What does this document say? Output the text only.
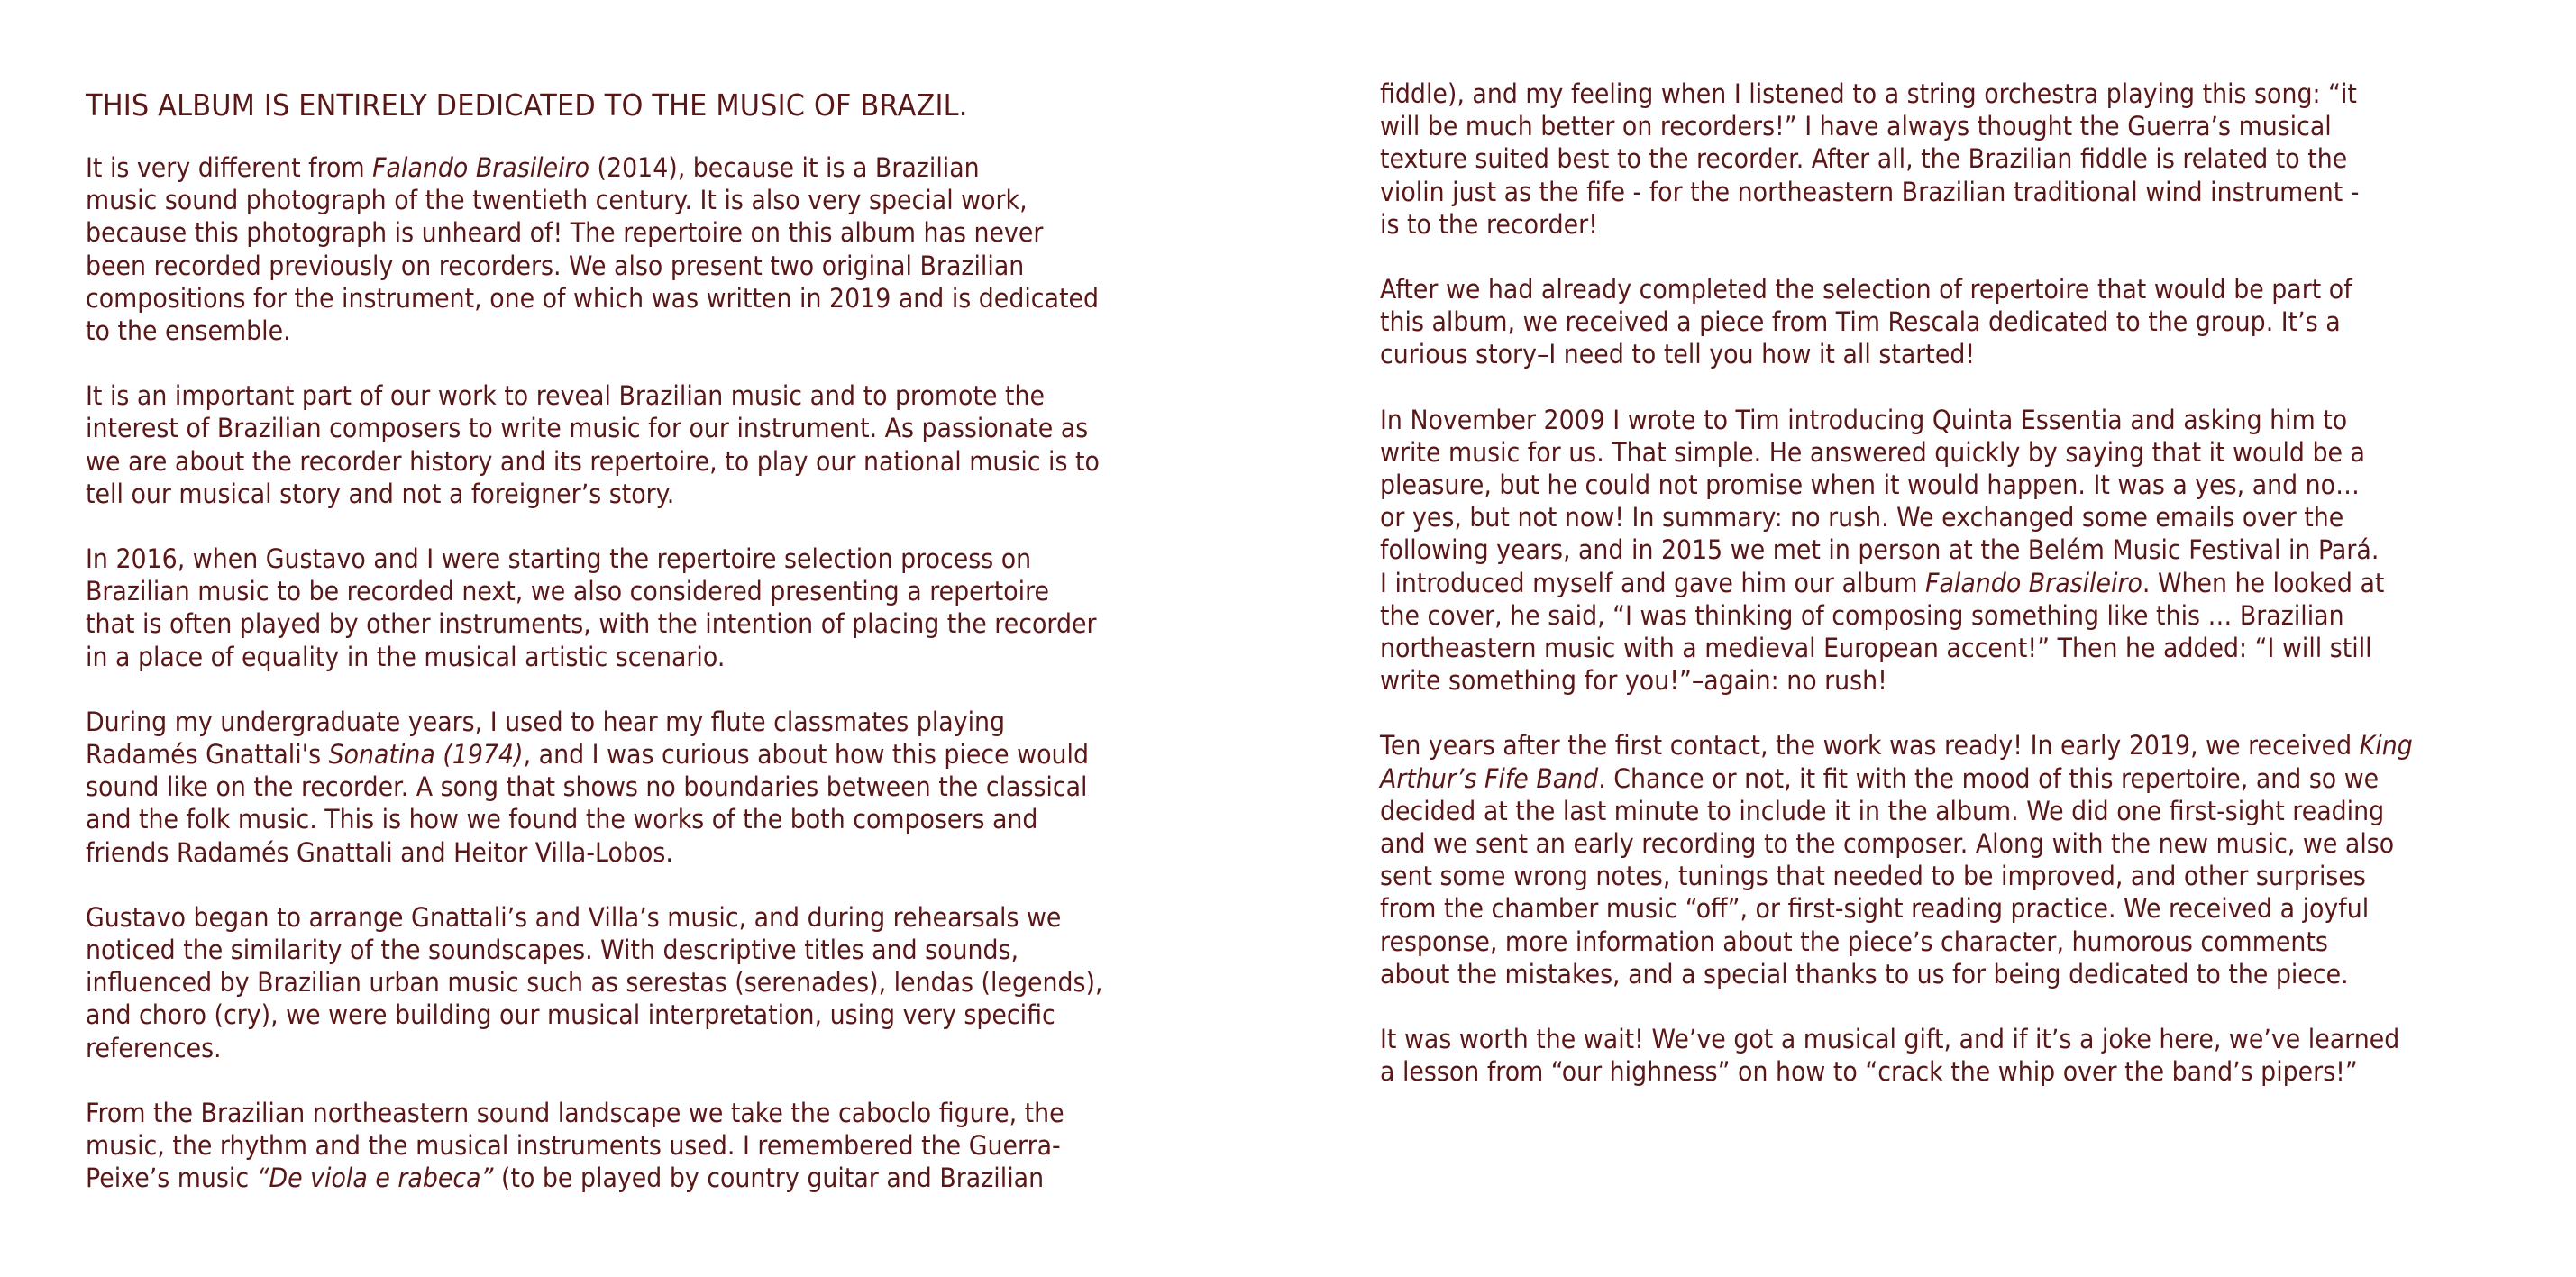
THIS ALBUM IS ENTIRELY DEDICATED TO THE MUSIC OF BRAZIL.
It is very different from Falando Brasileiro (2014), because it is a Brazilian
music sound photograph of the twentieth century. It is also very special work,
because this photograph is unheard of! The repertoire on this album has never
been recorded previously on recorders. We also present two original Brazilian
compositions for the instrument, one of which was written in 2019 and is dedicated
to the ensemble.
It is an important part of our work to reveal Brazilian music and to promote the
interest of Brazilian composers to write music for our instrument. As passionate as
we are about the recorder history and its repertoire, to play our national music is to
tell our musical story and not a foreigner’s story.
In 2016, when Gustavo and I were starting the repertoire selection process on
Brazilian music to be recorded next, we also considered presenting a repertoire
that is often played by other instruments, with the intention of placing the recorder
in a place of equality in the musical artistic scenario.
During my undergraduate years, I used to hear my flute classmates playing
Radamés Gnattali's Sonatina (1974), and I was curious about how this piece would
sound like on the recorder. A song that shows no boundaries between the classical
and the folk music. This is how we found the works of the both composers and
friends Radamés Gnattali and Heitor Villa-Lobos.
Gustavo began to arrange Gnattali’s and Villa’s music, and during rehearsals we
noticed the similarity of the soundscapes. With descriptive titles and sounds,
influenced by Brazilian urban music such as serestas (serenades), lendas (legends),
and choro (cry), we were building our musical interpretation, using very specific
references.
From the Brazilian northeastern sound landscape we take the caboclo figure, the
music, the rhythm and the musical instruments used. I remembered the Guerra-
Peixe’s music “De viola e rabeca” (to be played by country guitar and Brazilian
fiddle), and my feeling when I listened to a string orchestra playing this song: “it
will be much better on recorders!” I have always thought the Guerra’s musical
texture suited best to the recorder. After all, the Brazilian fiddle is related to the
violin just as the fife - for the northeastern Brazilian traditional wind instrument -
is to the recorder!
After we had already completed the selection of repertoire that would be part of
this album, we received a piece from Tim Rescala dedicated to the group. It’s a
curious story–I need to tell you how it all started!
In November 2009 I wrote to Tim introducing Quinta Essentia and asking him to
write music for us. That simple. He answered quickly by saying that it would be a
pleasure, but he could not promise when it would happen. It was a yes, and no…
or yes, but not now! In summary: no rush. We exchanged some emails over the
following years, and in 2015 we met in person at the Belém Music Festival in Pará.
I introduced myself and gave him our album Falando Brasileiro. When he looked at
the cover, he said, “I was thinking of composing something like this … Brazilian
northeastern music with a medieval European accent!” Then he added: “I will still
write something for you!”–again: no rush!
Ten years after the first contact, the work was ready! In early 2019, we received King
Arthur’s Fife Band. Chance or not, it fit with the mood of this repertoire, and so we
decided at the last minute to include it in the album. We did one first-sight reading
and we sent an early recording to the composer. Along with the new music, we also
sent some wrong notes, tunings that needed to be improved, and other surprises
from the chamber music “off”, or first-sight reading practice. We received a joyful
response, more information about the piece’s character, humorous comments
about the mistakes, and a special thanks to us for being dedicated to the piece.
It was worth the wait! We’ve got a musical gift, and if it’s a joke here, we’ve learned
a lesson from “our highness” on how to “crack the whip over the band’s pipers!”
